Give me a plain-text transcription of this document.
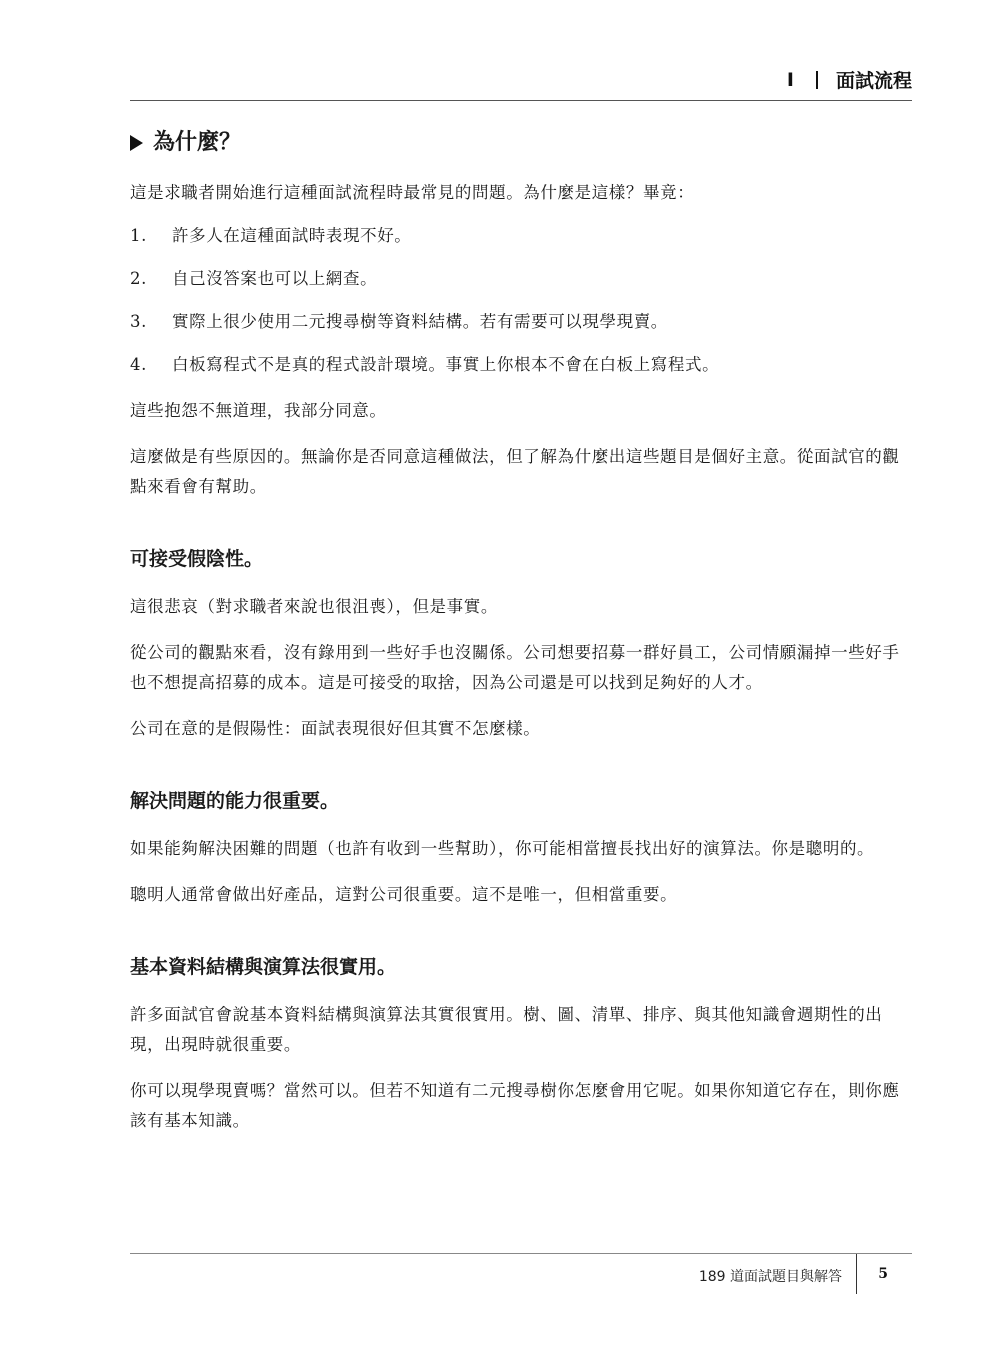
I 面試流程
為什麼？

這是求職者開始進行這種面試流程時最常見的問題。為什麼是這樣？畢竟：

1.	許多人在這種面試時表現不好。
2.	自己沒答案也可以上網查。
3.	實際上很少使用二元搜尋樹等資料結構。若有需要可以現學現賣。
4.	白板寫程式不是真的程式設計環境。事實上你根本不會在白板上寫程式。

這些抱怨不無道理，我部分同意。

這麼做是有些原因的。無論你是否同意這種做法，但了解為什麼出這些題目是個好主意。從面試官的觀點來看會有幫助。

可接受假陰性。

這很悲哀（對求職者來說也很沮喪），但是事實。

從公司的觀點來看，沒有錄用到一些好手也沒關係。公司想要招募一群好員工，公司情願漏掉一些好手也不想提高招募的成本。這是可接受的取捨，因為公司還是可以找到足夠好的人才。

公司在意的是假陽性：面試表現很好但其實不怎麼樣。

解決問題的能力很重要。

如果能夠解決困難的問題（也許有收到一些幫助），你可能相當擅長找出好的演算法。你是聰明的。

聰明人通常會做出好產品，這對公司很重要。這不是唯一，但相當重要。

基本資料結構與演算法很實用。

許多面試官會說基本資料結構與演算法其實很實用。樹、圖、清單、排序、與其他知識會週期性的出現，出現時就很重要。

你可以現學現賣嗎？當然可以。但若不知道有二元搜尋樹你怎麼會用它呢。如果你知道它存在，則你應該有基本知識。

189 道面試題目與解答	5
